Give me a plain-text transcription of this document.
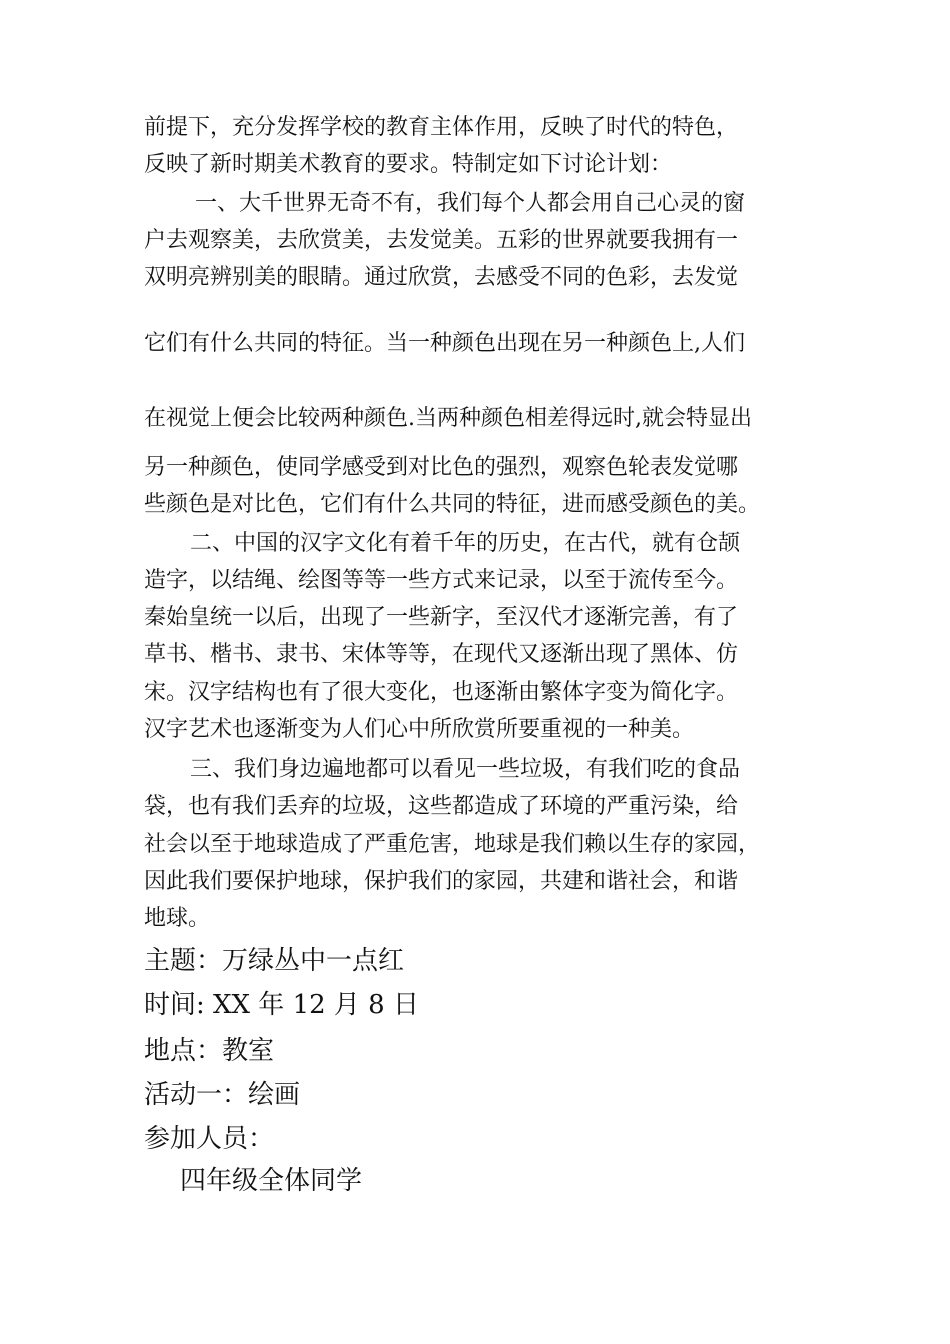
前提下，充分发挥学校的教育主体作用，反映了时代的特色，

反映了新时期美术教育的要求。特制定如下讨论计划：

一、大千世界无奇不有，我们每个人都会用自己心灵的窗

户去观察美，去欣赏美，去发觉美。五彩的世界就要我拥有一

双明亮辨别美的眼睛。通过欣赏，去感受不同的色彩，去发觉

它们有什么共同的特征。当一种颜色出现在另一种颜色上,人们

在视觉上便会比较两种颜色.当两种颜色相差得远时,就会特显出

另一种颜色，使同学感受到对比色的强烈，观察色轮表发觉哪

些颜色是对比色，它们有什么共同的特征，进而感受颜色的美。

二、中国的汉字文化有着千年的历史，在古代，就有仓颉

造字，以结绳、绘图等等一些方式来记录，以至于流传至今。

秦始皇统一以后，出现了一些新字，至汉代才逐渐完善，有了

草书、楷书、隶书、宋体等等，在现代又逐渐出现了黑体、仿

宋。汉字结构也有了很大变化，也逐渐由繁体字变为简化字。

汉字艺术也逐渐变为人们心中所欣赏所要重视的一种美。

三、我们身边遍地都可以看见一些垃圾，有我们吃的食品

袋，也有我们丢弃的垃圾，这些都造成了环境的严重污染，给

社会以至于地球造成了严重危害，地球是我们赖以生存的家园，

因此我们要保护地球，保护我们的家园，共建和谐社会，和谐

地球。

主题：万绿丛中一点红

时间: XX 年 12 月 8 日

地点：教室

活动一：绘画

参加人员：

四年级全体同学
